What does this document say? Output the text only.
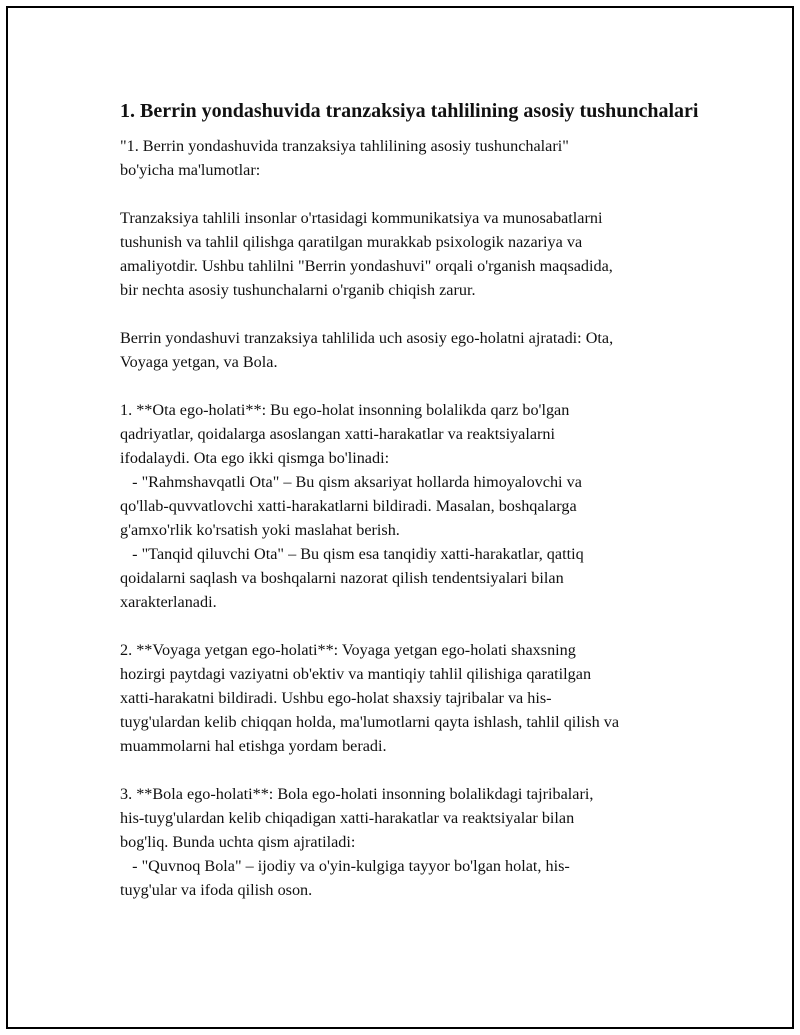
1. Berrin yondashuvida tranzaksiya tahlilining asosiy tushunchalari
"1. Berrin yondashuvida tranzaksiya tahlilining asosiy tushunchalari"
bo'yicha ma'lumotlar:
Tranzaksiya tahlili insonlar o'rtasidagi kommunikatsiya va munosabatlarni
tushunish va tahlil qilishga qaratilgan murakkab psixologik nazariya va
amaliyotdir. Ushbu tahlilni "Berrin yondashuvi" orqali o'rganish maqsadida,
bir nechta asosiy tushunchalarni o'rganib chiqish zarur.
Berrin yondashuvi tranzaksiya tahlilida uch asosiy ego-holatni ajratadi: Ota,
Voyaga yetgan, va Bola.
1. **Ota ego-holati**: Bu ego-holat insonning bolalikda qarz bo'lgan
qadriyatlar, qoidalarga asoslangan xatti-harakatlar va reaktsiyalarni
ifodalaydi. Ota ego ikki qismga bo'linadi:
- "Rahmshavqatli Ota" – Bu qism aksariyat hollarda himoyalovchi va
qo'llab-quvvatlovchi xatti-harakatlarni bildiradi. Masalan, boshqalarga
g'amxo'rlik ko'rsatish yoki maslahat berish.
- "Tanqid qiluvchi Ota" – Bu qism esa tanqidiy xatti-harakatlar, qattiq
qoidalarni saqlash va boshqalarni nazorat qilish tendentsiyalari bilan
xarakterlanadi.
2. **Voyaga yetgan ego-holati**: Voyaga yetgan ego-holati shaxsning
hozirgi paytdagi vaziyatni ob'ektiv va mantiqiy tahlil qilishiga qaratilgan
xatti-harakatni bildiradi. Ushbu ego-holat shaxsiy tajribalar va his-
tuyg'ulardan kelib chiqqan holda, ma'lumotlarni qayta ishlash, tahlil qilish va
muammolarni hal etishga yordam beradi.
3. **Bola ego-holati**: Bola ego-holati insonning bolalikdagi tajribalari,
his-tuyg'ulardan kelib chiqadigan xatti-harakatlar va reaktsiyalar bilan
bog'liq. Bunda uchta qism ajratiladi:
- "Quvnoq Bola" – ijodiy va o'yin-kulgiga tayyor bo'lgan holat, his-
tuyg'ular va ifoda qilish oson.
